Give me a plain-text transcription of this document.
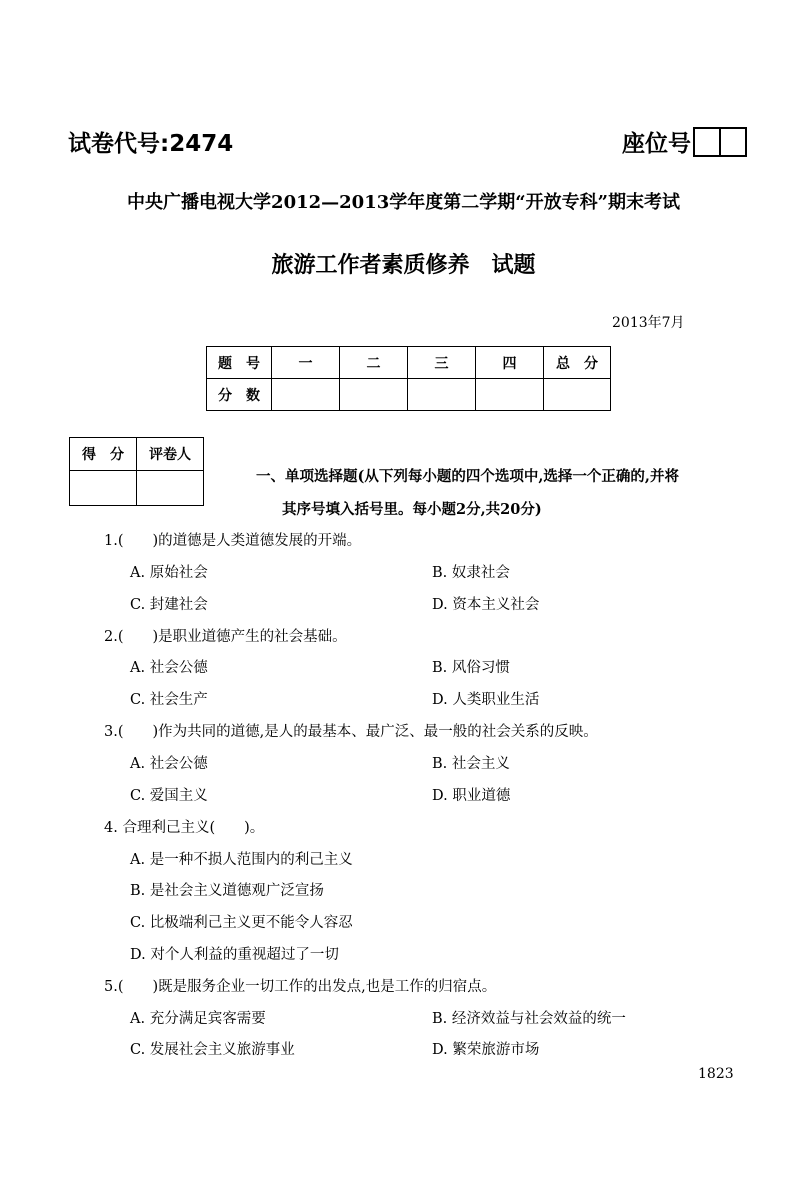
试卷代号:2474	座位号
中央广播电视大学2012—2013学年度第二学期“开放专科”期末考试
旅游工作者素质修养　试题
2013年7月
题　号	一	二	三	四	总　分
分　数					
得　分	评卷人

一、单项选择题(从下列每小题的四个选项中,选择一个正确的,并将
其序号填入括号里。每小题2分,共20分)
1.(　　)的道德是人类道德发展的开端。
A. 原始社会	B. 奴隶社会
C. 封建社会	D. 资本主义社会
2.(　　)是职业道德产生的社会基础。
A. 社会公德	B. 风俗习惯
C. 社会生产	D. 人类职业生活
3.(　　)作为共同的道德,是人的最基本、最广泛、最一般的社会关系的反映。
A. 社会公德	B. 社会主义
C. 爱国主义	D. 职业道德
4. 合理利己主义(　　)。
A. 是一种不损人范围内的利己主义
B. 是社会主义道德观广泛宣扬
C. 比极端利己主义更不能令人容忍
D. 对个人利益的重视超过了一切
5.(　　)既是服务企业一切工作的出发点,也是工作的归宿点。
A. 充分满足宾客需要	B. 经济效益与社会效益的统一
C. 发展社会主义旅游事业	D. 繁荣旅游市场
1823
